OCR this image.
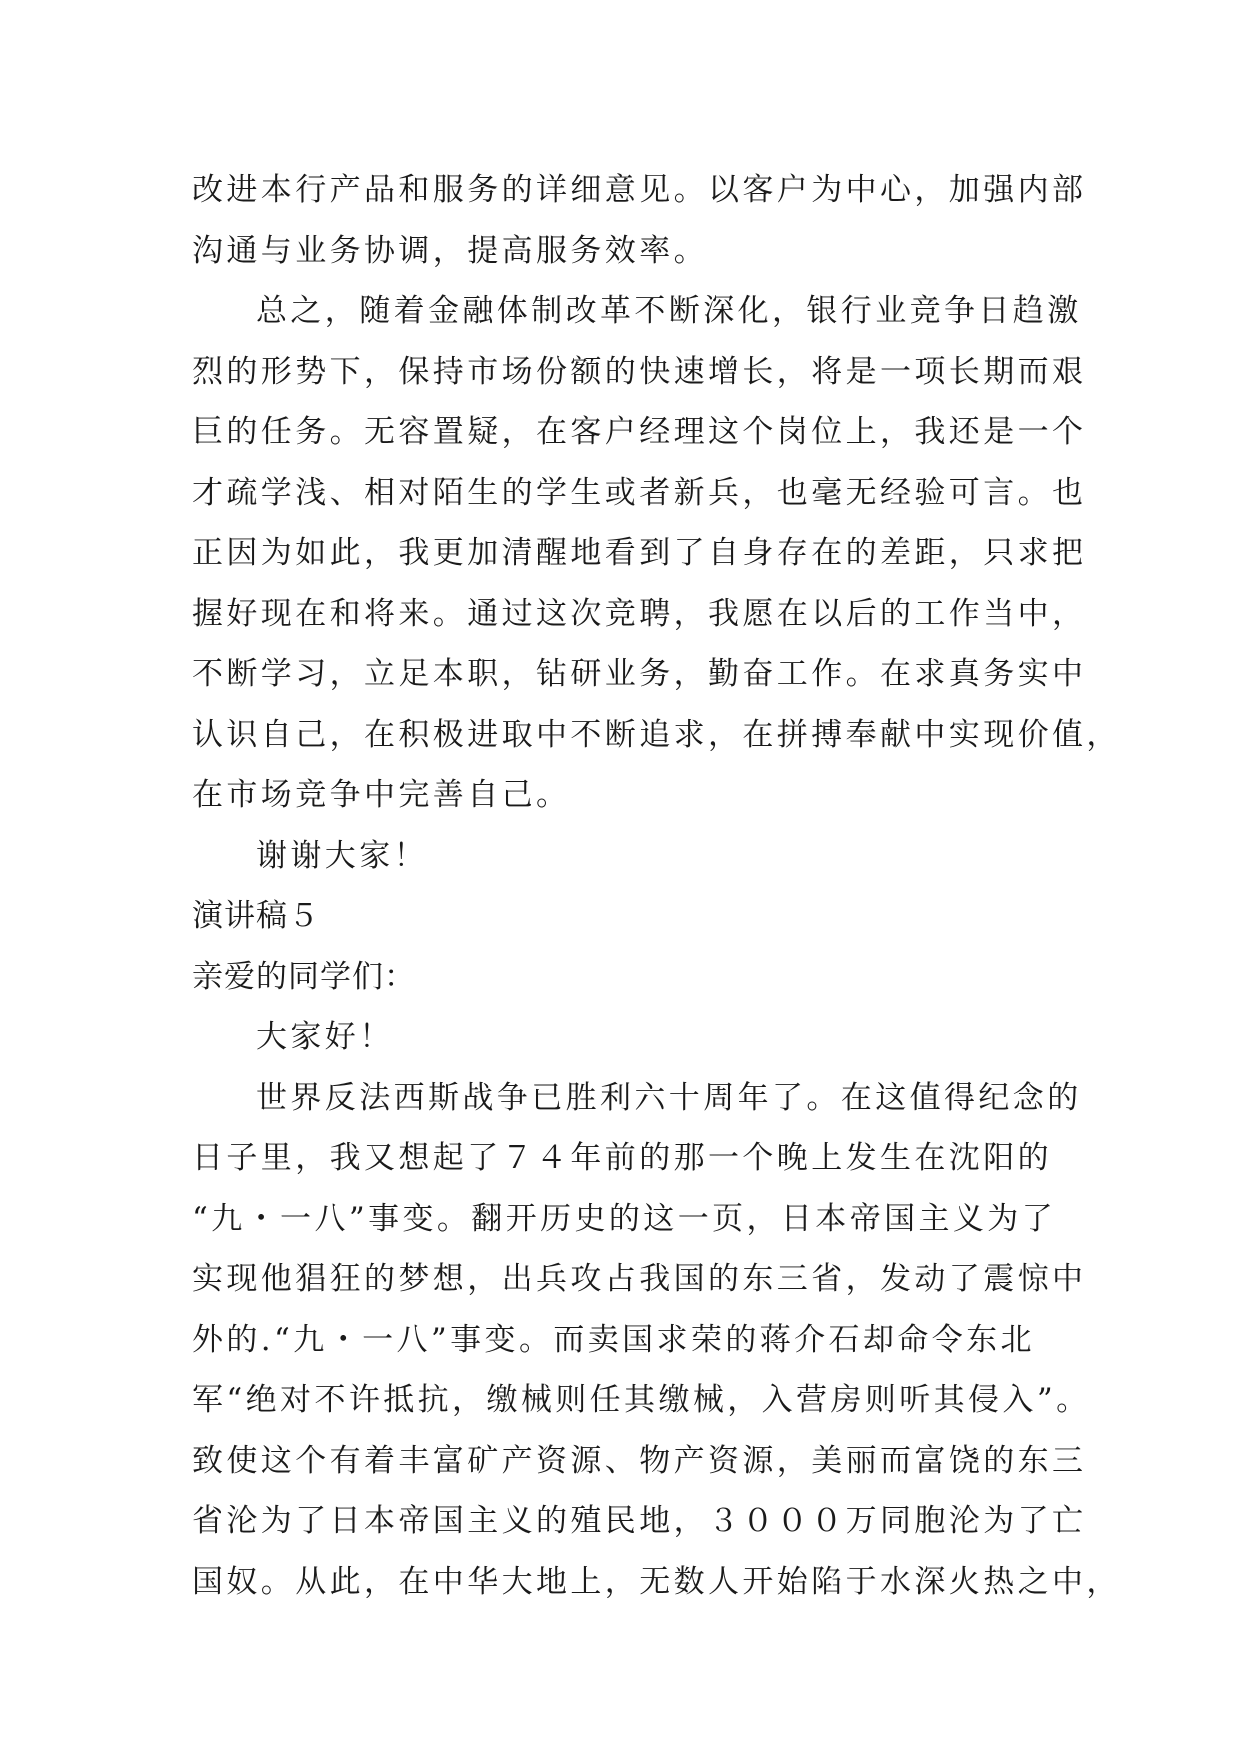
改进本行产品和服务的详细意见。以客户为中心，加强内部
沟通与业务协调，提高服务效率。
总之，随着金融体制改革不断深化，银行业竞争日趋激
烈的形势下，保持市场份额的快速增长，将是一项长期而艰
巨的任务。无容置疑，在客户经理这个岗位上，我还是一个
才疏学浅、相对陌生的学生或者新兵，也毫无经验可言。也
正因为如此，我更加清醒地看到了自身存在的差距，只求把
握好现在和将来。通过这次竞聘，我愿在以后的工作当中，
不断学习，立足本职，钻研业务，勤奋工作。在求真务实中
认识自己，在积极进取中不断追求，在拼搏奉献中实现价值，
在市场竞争中完善自己。
谢谢大家！
演讲稿５
亲爱的同学们：
大家好！
世界反法西斯战争已胜利六十周年了。在这值得纪念的
日子里，我又想起了７４年前的那一个晚上发生在沈阳的
“九・一八”事变。翻开历史的这一页，日本帝国主义为了
实现他猖狂的梦想，出兵攻占我国的东三省，发动了震惊中
外的.“九・一八”事变。而卖国求荣的蒋介石却命令东北
军“绝对不许抵抗，缴械则任其缴械，入营房则听其侵入”。
致使这个有着丰富矿产资源、物产资源，美丽而富饶的东三
省沦为了日本帝国主义的殖民地，３０００万同胞沦为了亡
国奴。从此，在中华大地上，无数人开始陷于水深火热之中，
